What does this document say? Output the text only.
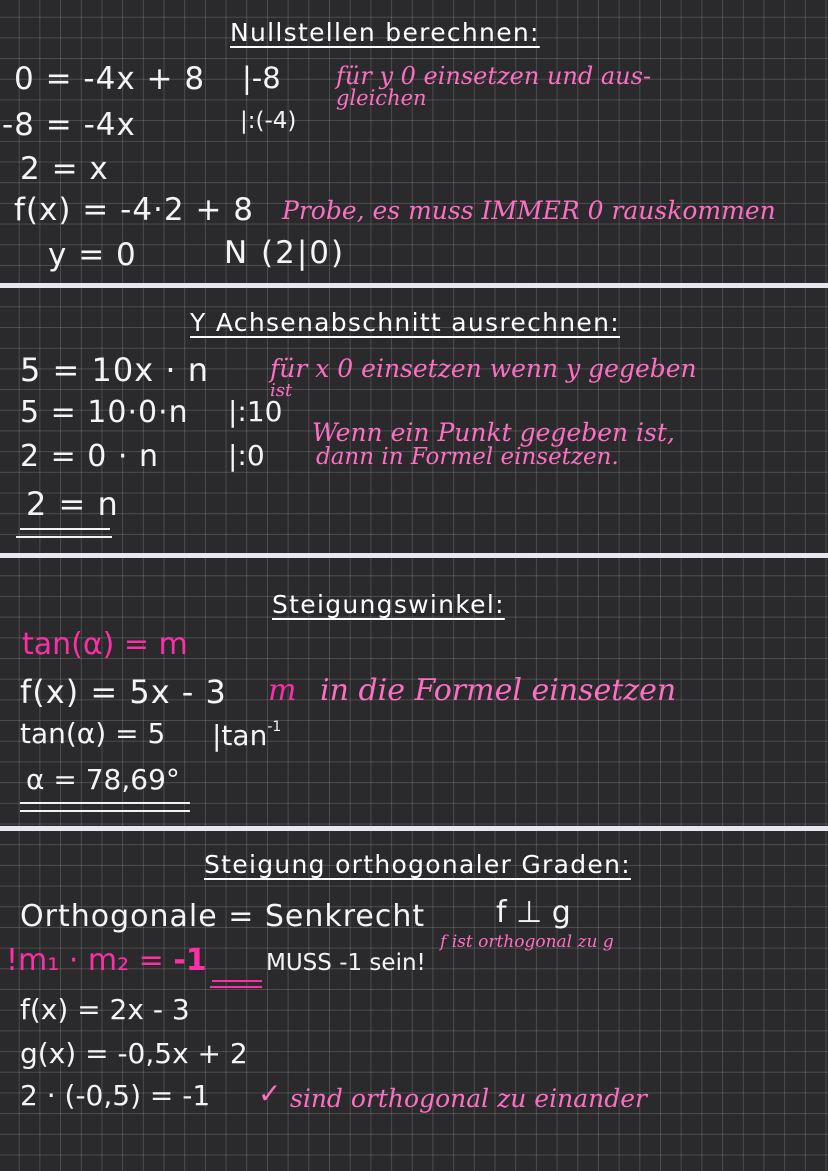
Nullstellen berechnen:
0 = -4x + 8 |-8 für y 0 einsetzen und aus-
gleichen
-8 = -4x	|:(-4)
2 = x
f(x) = -4·2 + 8 Probe, es muss IMMER 0 rauskommen
y = 0	N (2|0)
Y Achsenabschnitt ausrechnen:
5 = 10x · n für x 0 einsetzen wenn y gegeben
ist
5 = 10·0·n |:10
Wenn ein Punkt gegeben ist,
dann in Formel einsetzen.
2 = 0 · n |:0
2 = n
Steigungswinkel:
tan(α) = m
f(x) = 5x - 3 m in die Formel einsetzen
tan(α) = 5 $|\tan^{-1}$
α = 78,69°
Steigung orthogonaler Graden:
Orthogonale = Senkrecht f ⊥ g
f ist orthogonal zu g
!m₁ · m₂ = -1	MUSS -1 sein!
f(x) = 2x - 3
g(x) = -0,5x + 2
2 · (-0,5) = -1 ✓ sind orthogonal zu einander
